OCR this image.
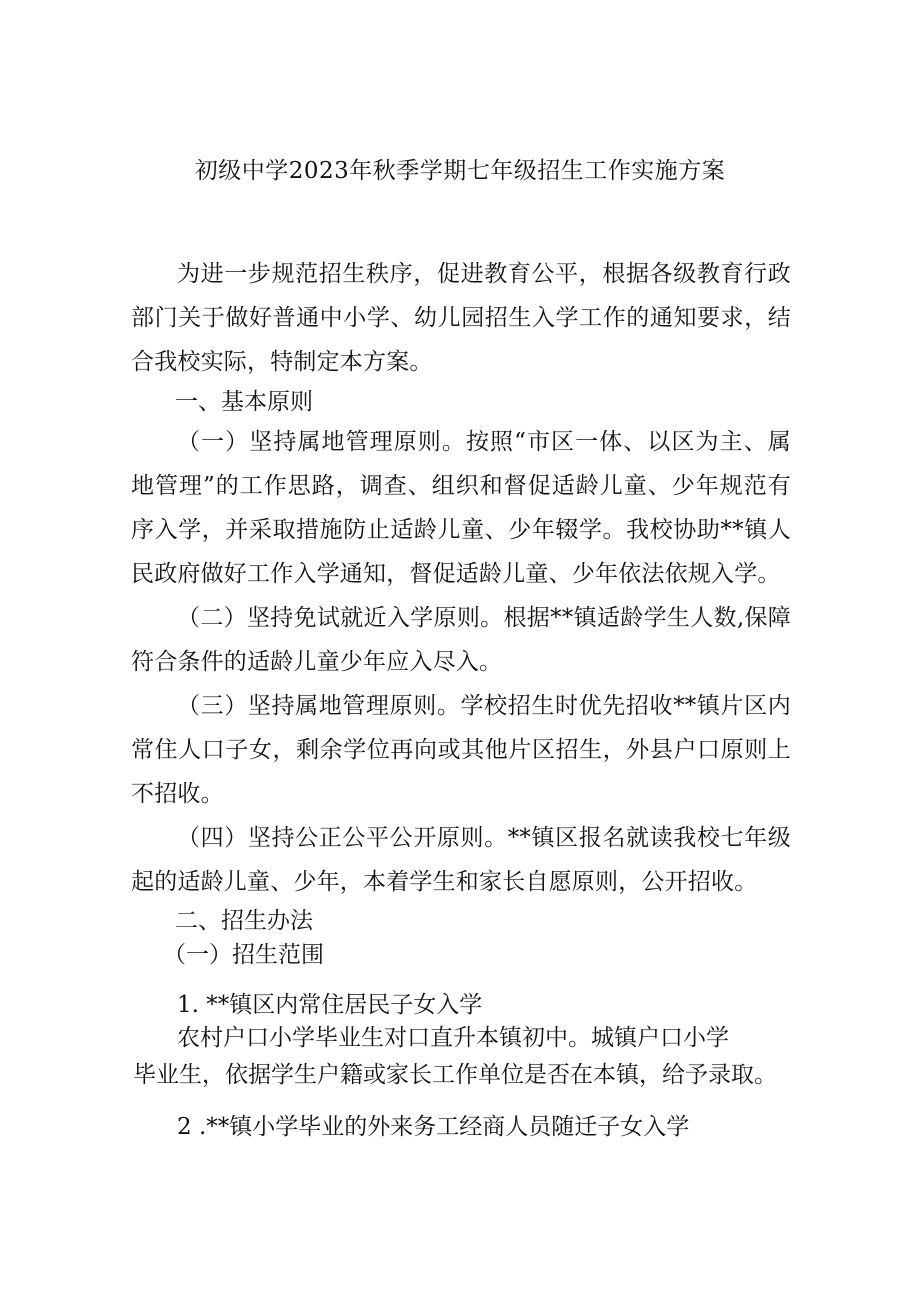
初级中学2023年秋季学期七年级招生工作实施方案

为进一步规范招生秩序，促进教育公平，根据各级教育行政部门关于做好普通中小学、幼儿园招生入学工作的通知要求，结合我校实际，特制定本方案。

一、基本原则

（一）坚持属地管理原则。按照“市区一体、以区为主、属地管理”的工作思路，调查、组织和督促适龄儿童、少年规范有序入学，并采取措施防止适龄儿童、少年辍学。我校协助**镇人民政府做好工作入学通知，督促适龄儿童、少年依法依规入学。

（二）坚持免试就近入学原则。根据**镇适龄学生人数,保障符合条件的适龄儿童少年应入尽入。

（三）坚持属地管理原则。学校招生时优先招收**镇片区内常住人口子女，剩余学位再向或其他片区招生，外县户口原则上不招收。

（四）坚持公正公平公开原则。**镇区报名就读我校七年级起的适龄儿童、少年，本着学生和家长自愿原则，公开招收。

二、招生办法
（一）招生范围
1. **镇区内常住居民子女入学
农村户口小学毕业生对口直升本镇初中。城镇户口小学
毕业生，依据学生户籍或家长工作单位是否在本镇，给予录取。
2 .**镇小学毕业的外来务工经商人员随迁子女入学
